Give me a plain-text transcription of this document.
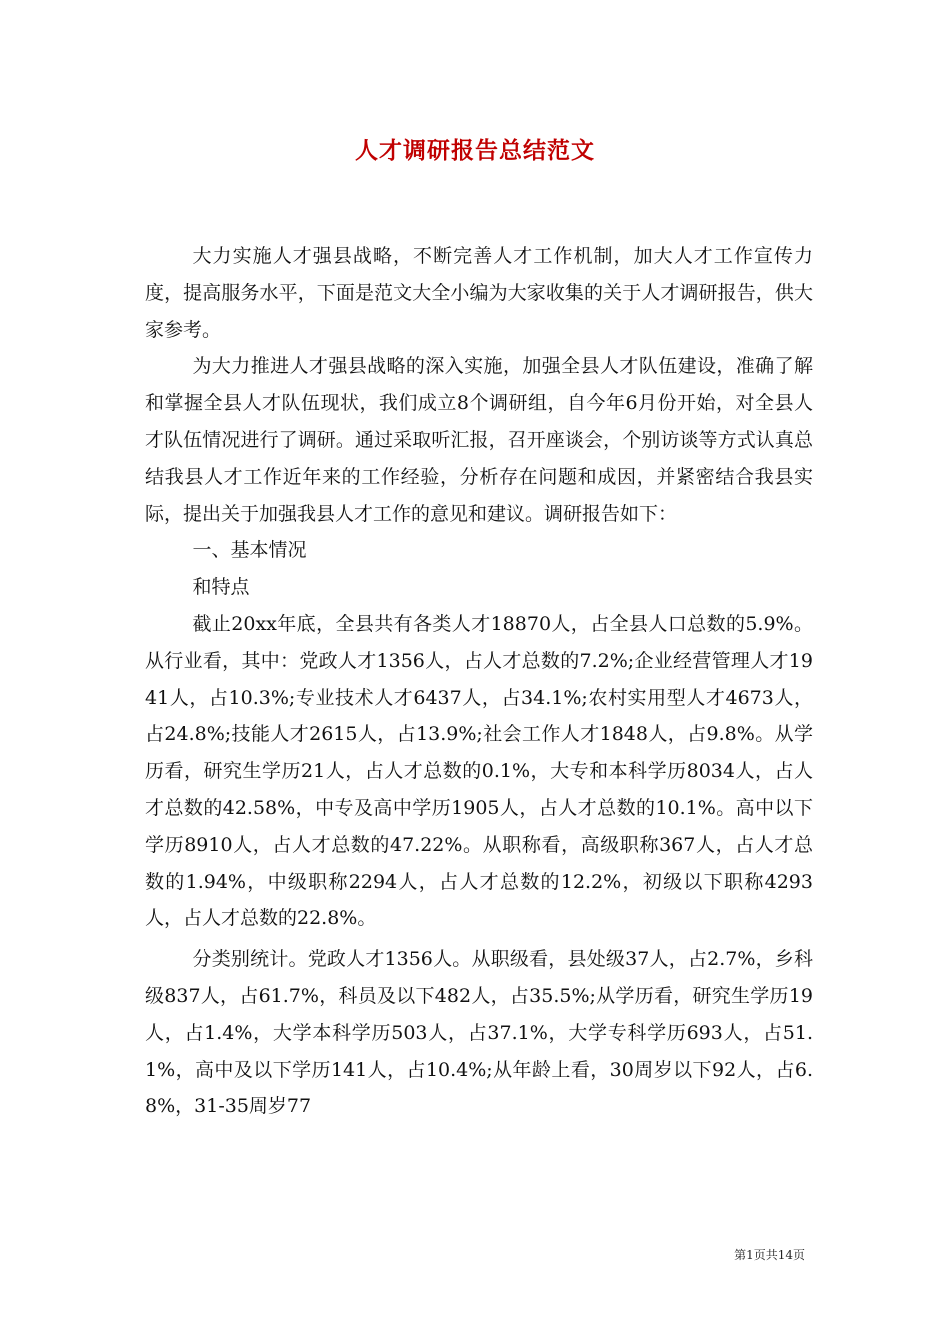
人才调研报告总结范文

大力实施人才强县战略，不断完善人才工作机制，加大人才工作宣传力度，提高服务水平，下面是范文大全小编为大家收集的关于人才调研报告，供大家参考。

为大力推进人才强县战略的深入实施，加强全县人才队伍建设，准确了解和掌握全县人才队伍现状，我们成立8个调研组，自今年6月份开始，对全县人才队伍情况进行了调研。通过采取听汇报，召开座谈会，个别访谈等方式认真总结我县人才工作近年来的工作经验，分析存在问题和成因，并紧密结合我县实际，提出关于加强我县人才工作的意见和建议。调研报告如下：

一、基本情况

和特点

截止20xx年底，全县共有各类人才18870人，占全县人口总数的5.9%。从行业看，其中：党政人才1356人，占人才总数的7.2%;企业经营管理人才1941人，占10.3%;专业技术人才6437人，占34.1%;农村实用型人才4673人，占24.8%;技能人才2615人，占13.9%;社会工作人才1848人，占9.8%。从学历看，研究生学历21人，占人才总数的0.1%，大专和本科学历8034人，占人才总数的42.58%，中专及高中学历1905人，占人才总数的10.1%。高中以下学历8910人，占人才总数的47.22%。从职称看，高级职称367人，占人才总数的1.94%，中级职称2294人，占人才总数的12.2%，初级以下职称4293人，占人才总数的22.8%。

分类别统计。党政人才1356人。从职级看，县处级37人，占2.7%，乡科级837人，占61.7%，科员及以下482人，占35.5%;从学历看，研究生学历19人，占1.4%，大学本科学历503人，占37.1%，大学专科学历693人，占51.1%，高中及以下学历141人，占10.4%;从年龄上看，30周岁以下92人，占6.8%，31-35周岁77

第1页共14页
